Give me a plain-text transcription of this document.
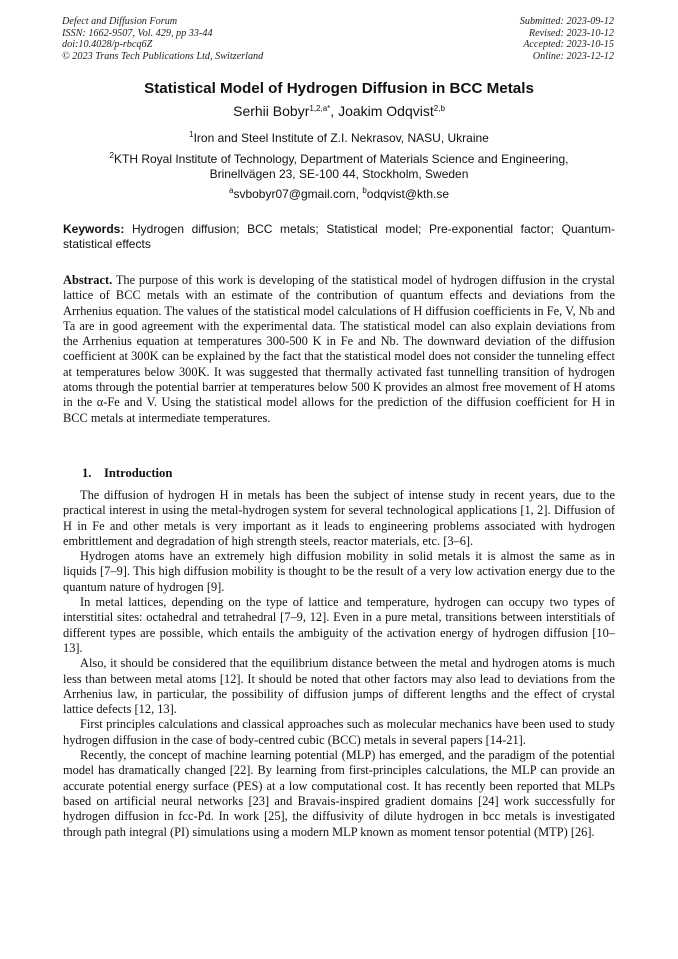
Defect and Diffusion Forum
ISSN: 1662-9507, Vol. 429, pp 33-44
doi:10.4028/p-rbcq6Z
© 2023 Trans Tech Publications Ltd, Switzerland
Submitted: 2023-09-12
Revised: 2023-10-12
Accepted: 2023-10-15
Online: 2023-12-12
Statistical Model of Hydrogen Diffusion in BCC Metals
Serhii Bobyr$^{1,2,a*}$, Joakim Odqvist$^{2,b}$
$^1$Iron and Steel Institute of Z.I. Nekrasov, NASU, Ukraine
$^2$KTH Royal Institute of Technology, Department of Materials Science and Engineering,
Brinellvägen 23, SE-100 44, Stockholm, Sweden
$^a$svbobyr07@gmail.com, $^b$odqvist@kth.se
Keywords: Hydrogen diffusion; BCC metals; Statistical model; Pre-exponential factor; Quantum-statistical effects
Abstract. The purpose of this work is developing of the statistical model of hydrogen diffusion in the crystal lattice of BCC metals with an estimate of the contribution of quantum effects and deviations from the Arrhenius equation. The values of the statistical model calculations of H diffusion coefficients in Fe, V, Nb and Ta are in good agreement with the experimental data. The statistical model can also explain deviations from the Arrhenius equation at temperatures 300-500 K in Fe and Nb. The downward deviation of the diffusion coefficient at 300K can be explained by the fact that the statistical model does not consider the tunneling effect at temperatures below 300K. It was suggested that thermally activated fast tunnelling transition of hydrogen atoms through the potential barrier at temperatures below 500 K provides an almost free movement of H atoms in the α-Fe and V. Using the statistical model allows for the prediction of the diffusion coefficient for H in BCC metals at intermediate temperatures.
1. Introduction

The diffusion of hydrogen H in metals has been the subject of intense study in recent years, due to the practical interest in using the metal-hydrogen system for several technological applications [1, 2]. Diffusion of H in Fe and other metals is very important as it leads to engineering problems associated with hydrogen embrittlement and degradation of high strength steels, reactor materials, etc. [3–6].

Hydrogen atoms have an extremely high diffusion mobility in solid metals it is almost the same as in liquids [7–9]. This high diffusion mobility is thought to be the result of a very low activation energy due to the quantum nature of hydrogen [9].

In metal lattices, depending on the type of lattice and temperature, hydrogen can occupy two types of interstitial sites: octahedral and tetrahedral [7–9, 12]. Even in a pure metal, transitions between interstitials of different types are possible, which entails the ambiguity of the activation energy of hydrogen diffusion [10–13].

Also, it should be considered that the equilibrium distance between the metal and hydrogen atoms is much less than between metal atoms [12]. It should be noted that other factors may also lead to deviations from the Arrhenius law, in particular, the possibility of diffusion jumps of different lengths and the effect of crystal lattice defects [12, 13].

First principles calculations and classical approaches such as molecular mechanics have been used to study hydrogen diffusion in the case of body-centred cubic (BCC) metals in several papers [14-21].

Recently, the concept of machine learning potential (MLP) has emerged, and the paradigm of the potential model has dramatically changed [22]. By learning from first-principles calculations, the MLP can provide an accurate potential energy surface (PES) at a low computational cost. It has recently been reported that MLPs based on artificial neural networks [23] and Bravais-inspired gradient domains [24] work successfully for hydrogen diffusion in fcc-Pd. In work [25], the diffusivity of dilute hydrogen in bcc metals is investigated through path integral (PI) simulations using a modern MLP known as moment tensor potential (MTP) [26].
